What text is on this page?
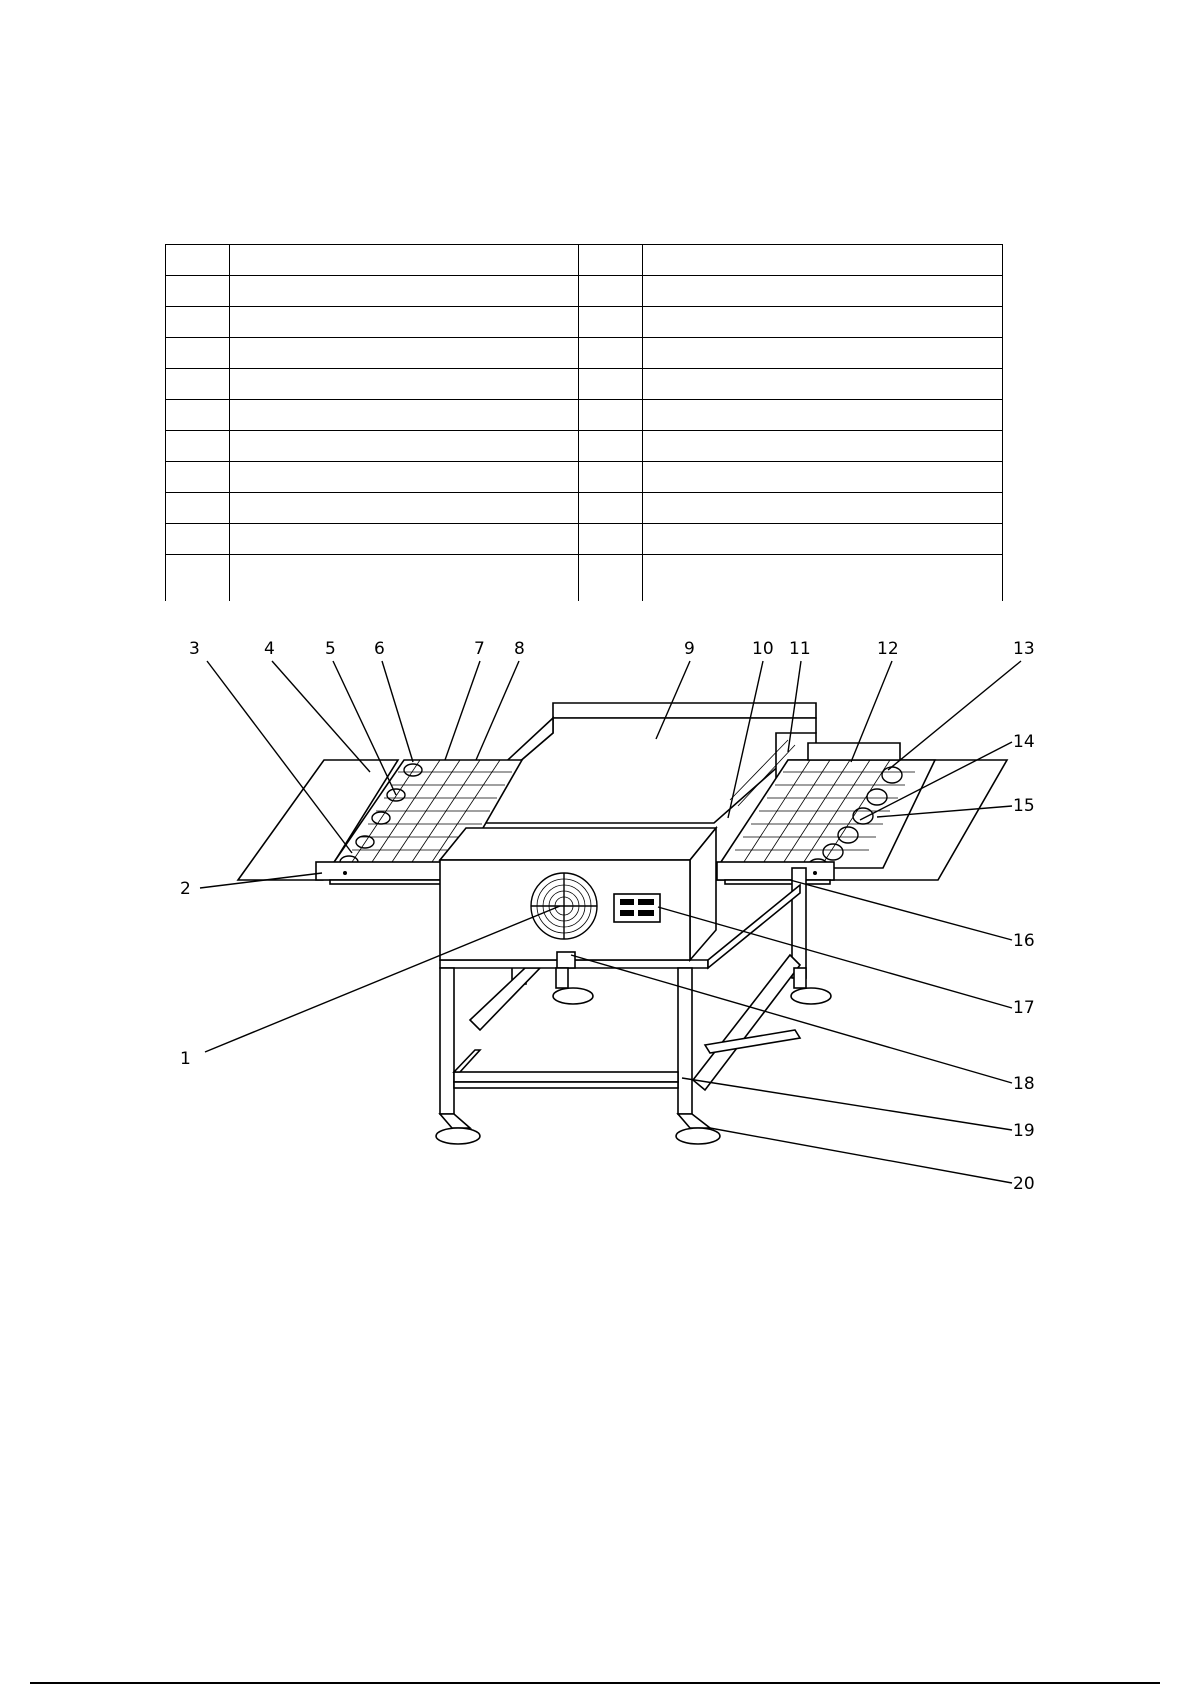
1
2
3	4	5 6	7 8	9	10 11	12	13
14
15
16
17
18
19
20
